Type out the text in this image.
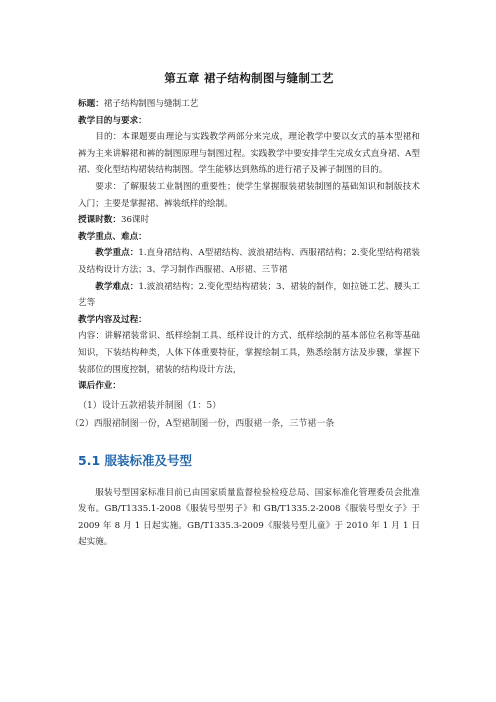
第五章 裙子结构制图与缝制工艺

标题：裙子结构制图与缝制工艺

教学目的与要求：

目的：本课题要由理论与实践教学两部分来完成，理论教学中要以女式的基本型裙和裤为主来讲解裙和裤的制图原理与制图过程。实践教学中要安排学生完成女式直身裙、A型裙、变化型结构裙装结构制图。学生能够达到熟练的进行裙子及裤子制图的目的。

要求：了解服装工业制图的重要性；使学生掌握服装裙装制图的基础知识和制版技术入门；主要是掌握裙、裤装纸样的绘制。

授课时数：36课时

教学重点、难点：

教学重点：1.直身裙结构、A型裙结构、波浪裙结构、西服裙结构；2.变化型结构裙装及结构设计方法；3、学习制作西服裙、A形裙、三节裙

教学难点：1.波浪裙结构；2.变化型结构裙装；3、裙装的制作，如拉链工艺、腰头工艺等

教学内容及过程：

内容：讲解裙装常识、纸样绘制工具、纸样设计的方式、纸样绘制的基本部位名称等基础知识，下装结构种类，人体下体重要特征，掌握绘制工具，熟悉绘制方法及步骤，掌握下装部位的围度控制，裙装的结构设计方法，

课后作业：

（1）设计五款裙装并制图（1：5）

（2）西服裙制图一份，A型裙制图一份，西服裙一条，三节裙一条

5.1 服装标准及号型

服装号型国家标准目前已由国家质量监督检验检疫总局、国家标准化管理委员会批准发布。GB/T1335.1-2008《服装号型男子》和 GB/T1335.2-2008《服装号型女子》于 2009 年 8 月 1 日起实施。GB/T1335.3-2009《服装号型儿童》于 2010 年 1 月 1 日起实施。
